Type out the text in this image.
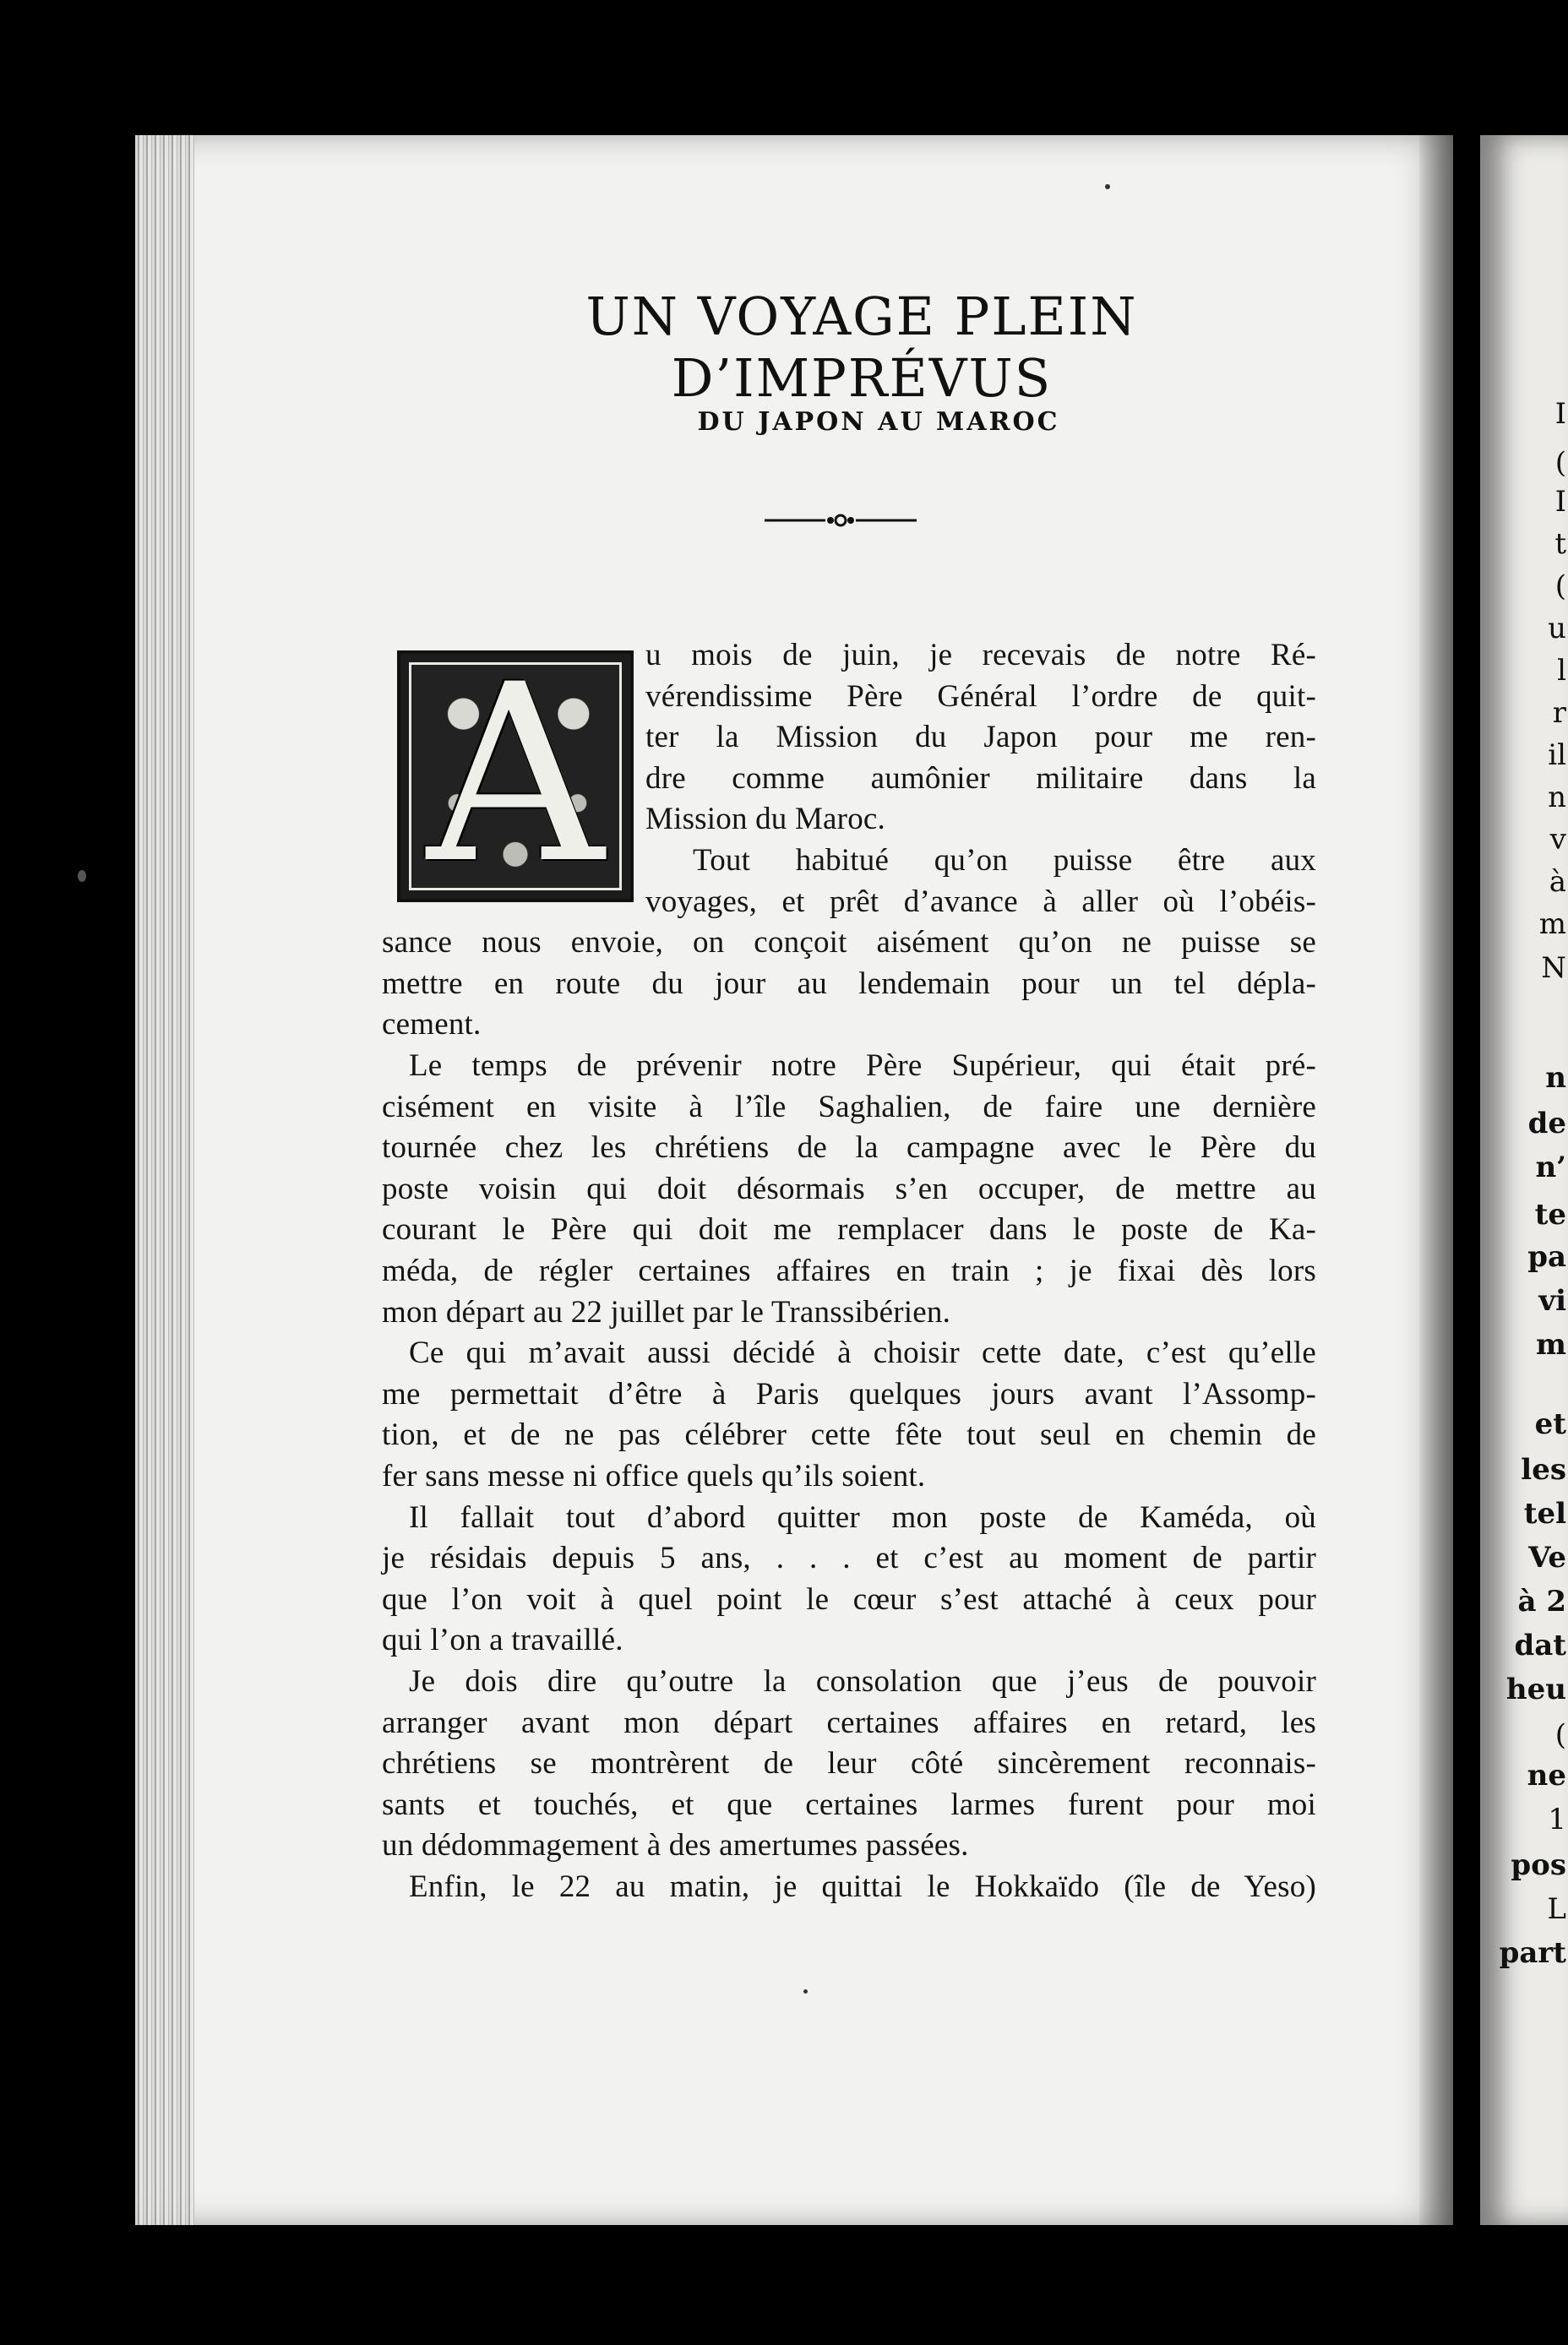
I
(
I
t
(
u
l
r
il
n
v
à
m
N
n
de
n’
te
pa
vi
m
et
les
tel
Ve
à 2
dat
heu
(
ne
1
pos
L
part
UN VOYAGE PLEIN D’IMPRÉVUS
DU JAPON AU MAROC
A	u mois de juin, je recevais de notre Ré-
vérendissime Père Général l’ordre de quit-
ter la Mission du Japon pour me ren-
dre comme aumônier militaire dans la
Mission du Maroc.
Tout habitué qu’on puisse être aux
voyages, et prêt d’avance à aller où l’obéis-
sance nous envoie, on conçoit aisément qu’on ne puisse se
mettre en route du jour au lendemain pour un tel dépla-
cement.
Le temps de prévenir notre Père Supérieur, qui était pré-
cisément en visite à l’île Saghalien, de faire une dernière
tournée chez les chrétiens de la campagne avec le Père du
poste voisin qui doit désormais s’en occuper, de mettre au
courant le Père qui doit me remplacer dans le poste de Ka-
méda, de régler certaines affaires en train ; je fixai dès lors
mon départ au 22 juillet par le Transsibérien.
Ce qui m’avait aussi décidé à choisir cette date, c’est qu’elle
me permettait d’être à Paris quelques jours avant l’Assomp-
tion, et de ne pas célébrer cette fête tout seul en chemin de
fer sans messe ni office quels qu’ils soient.
Il fallait tout d’abord quitter mon poste de Kaméda, où
je résidais depuis 5 ans, . . . et c’est au moment de partir
que l’on voit à quel point le cœur s’est attaché à ceux pour
qui l’on a travaillé.
Je dois dire qu’outre la consolation que j’eus de pouvoir
arranger avant mon départ certaines affaires en retard, les
chrétiens se montrèrent de leur côté sincèrement reconnais-
sants et touchés, et que certaines larmes furent pour moi
un dédommagement à des amertumes passées.
Enfin, le 22 au matin, je quittai le Hokkaïdo (île de Yeso)
